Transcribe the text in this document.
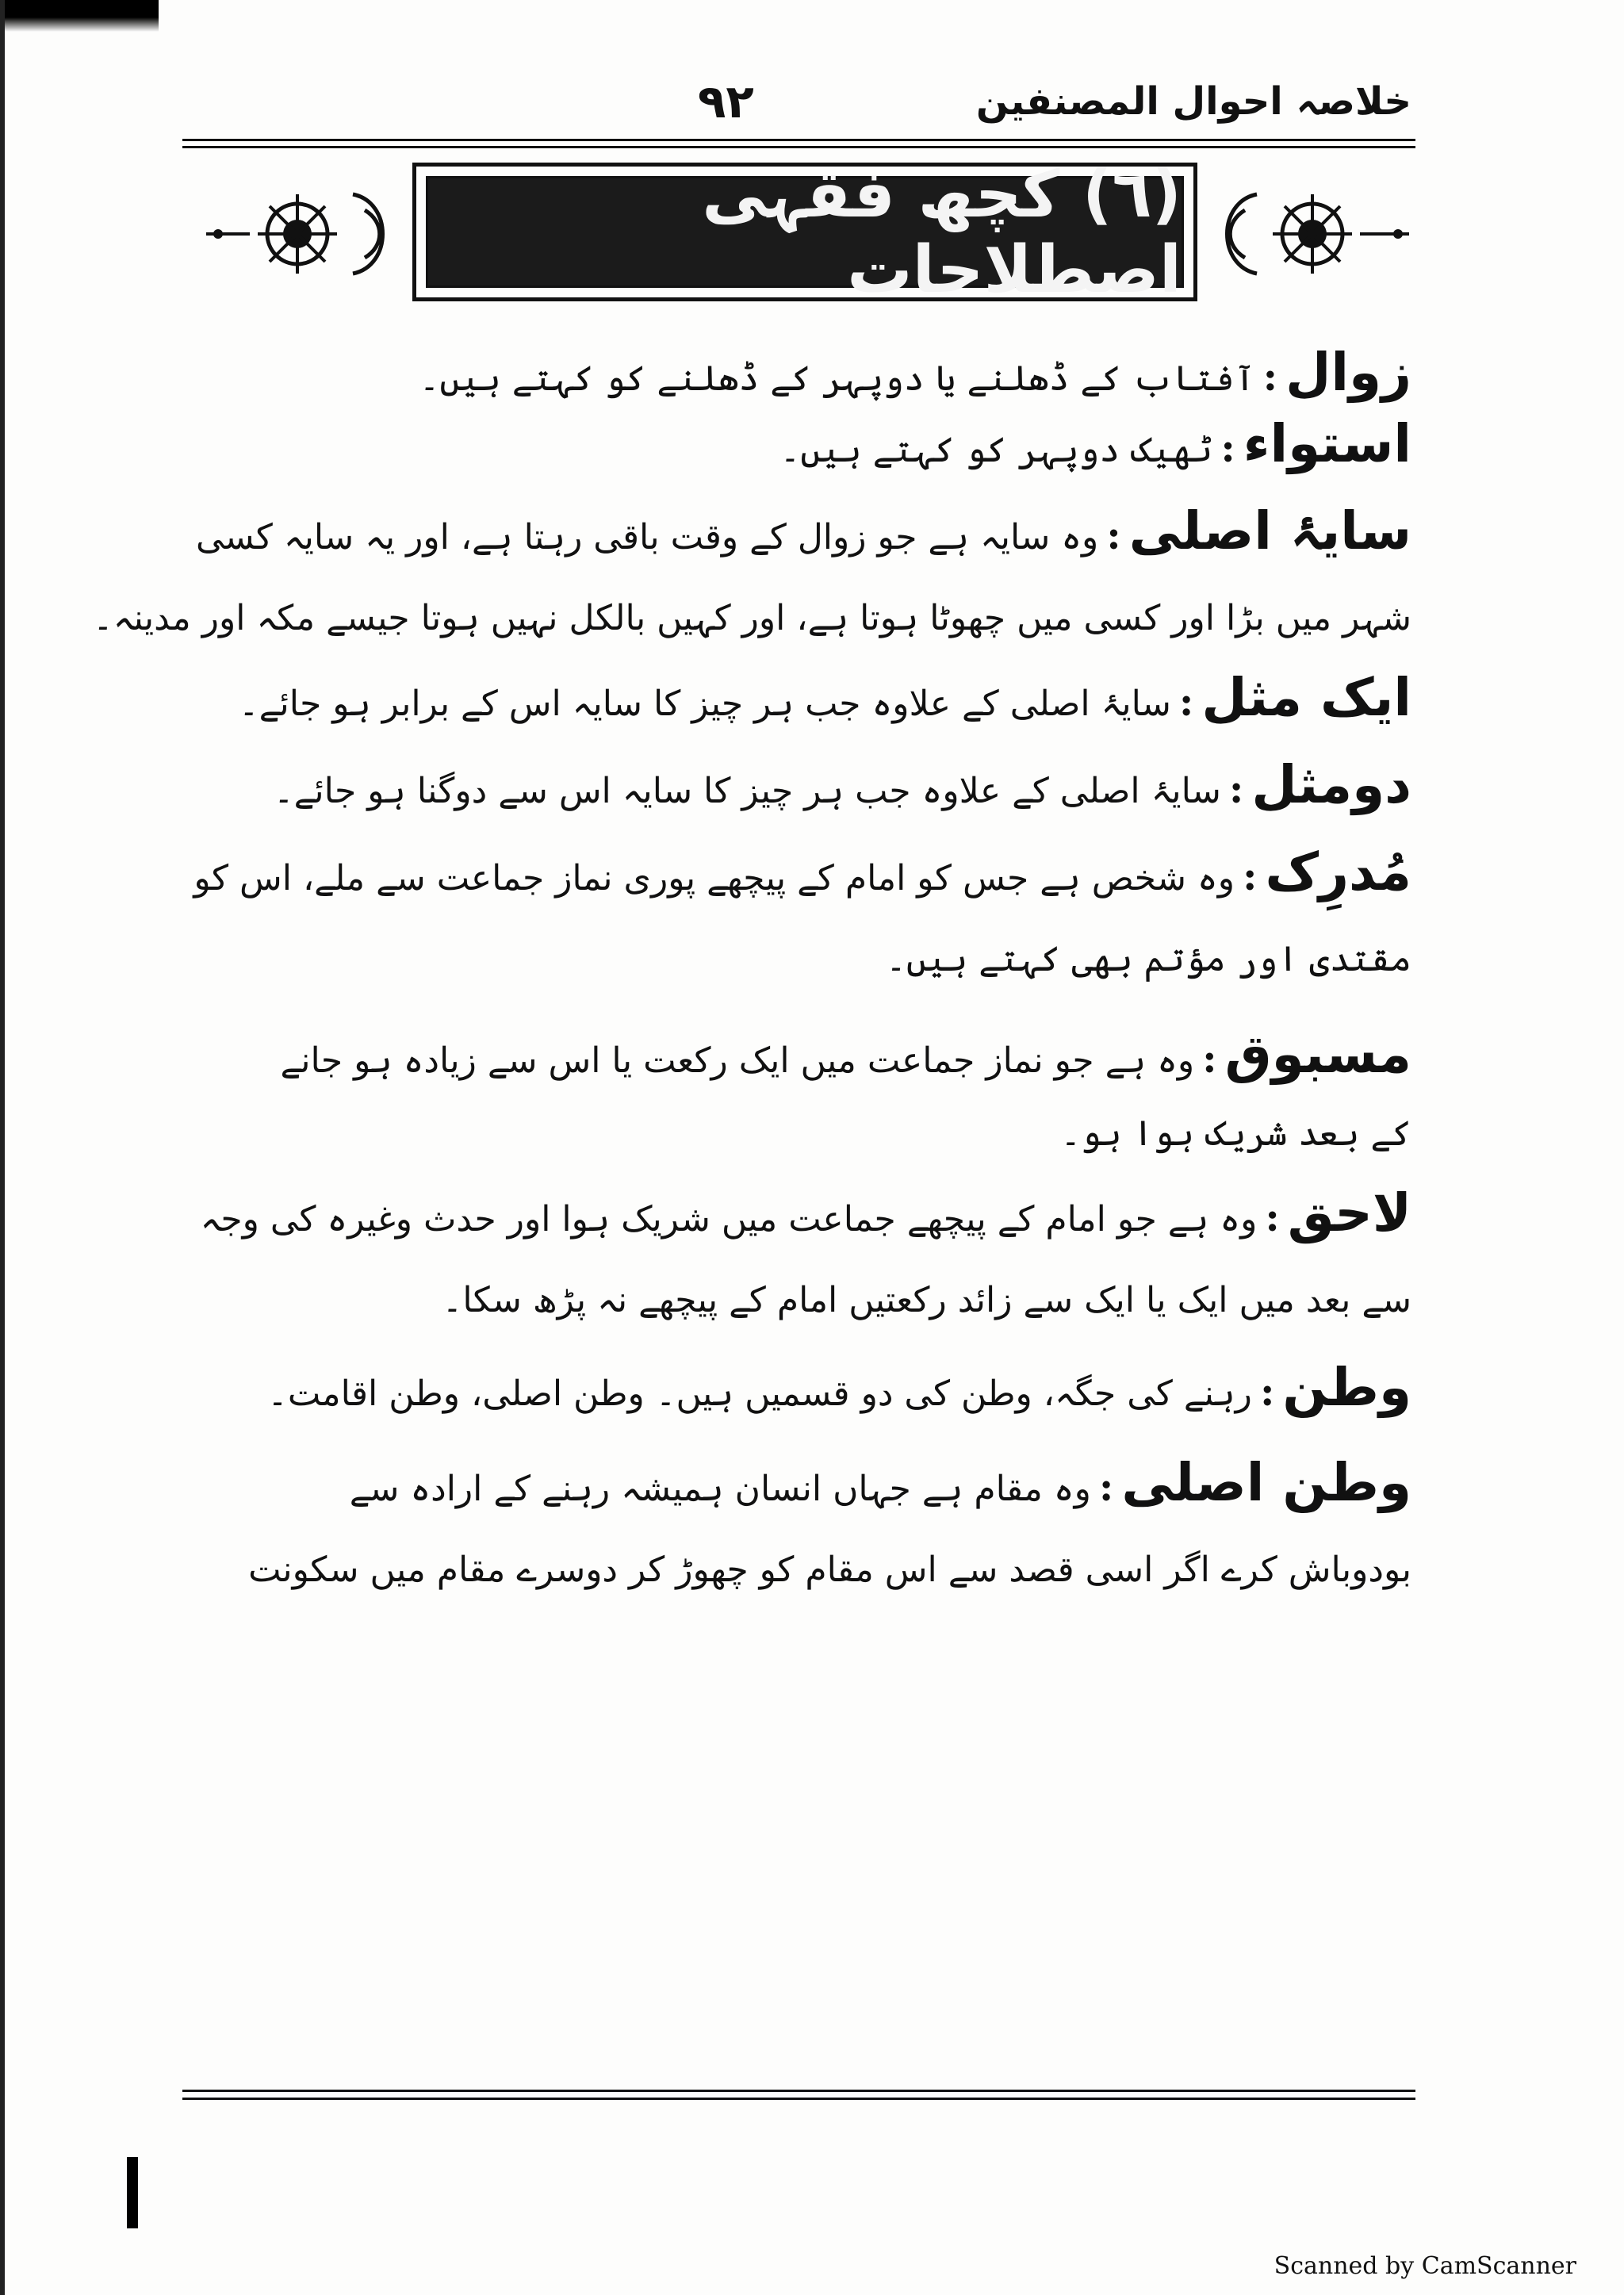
خلاصہ احوال المصنفین
۹۲
(٦) کچھ فقہی اصطلاحات
زوال:آفتاب کے ڈھلنے یا دوپہر کے ڈھلنے کو کہتے ہیں۔
استواء:ٹھیک دوپہر کو کہتے ہیں۔
سایۂ اصلی:وہ سایہ ہے جو زوال کے وقت باقی رہتا ہے، اور یہ سایہ کسی
شہر میں بڑا اور کسی میں چھوٹا ہوتا ہے، اور کہیں بالکل نہیں ہوتا جیسے مکہ اور مدینہ۔
ایک مثل:سایۂ اصلی کے علاوہ جب ہر چیز کا سایہ اس کے برابر ہو جائے۔
دومثل:سایۂ اصلی کے علاوہ جب ہر چیز کا سایہ اس سے دوگنا ہو جائے۔
مُدرِک:وہ شخص ہے جس کو امام کے پیچھے پوری نماز جماعت سے ملے، اس کو
مقتدی اور مؤتم بھی کہتے ہیں۔
مسبوق:وہ ہے جو نماز جماعت میں ایک رکعت یا اس سے زیادہ ہو جانے
کے بعد شریک ہوا ہو۔
لاحق:وہ ہے جو امام کے پیچھے جماعت میں شریک ہوا اور حدث وغیرہ کی وجہ
سے بعد میں ایک یا ایک سے زائد رکعتیں امام کے پیچھے نہ پڑھ سکا۔
وطن:رہنے کی جگہ، وطن کی دو قسمیں ہیں۔ وطن اصلی، وطن اقامت۔
وطن اصلی:وہ مقام ہے جہاں انسان ہمیشہ رہنے کے ارادہ سے
بودوباش کرے اگر اسی قصد سے اس مقام کو چھوڑ کر دوسرے مقام میں سکونت
Scanned by CamScanner
